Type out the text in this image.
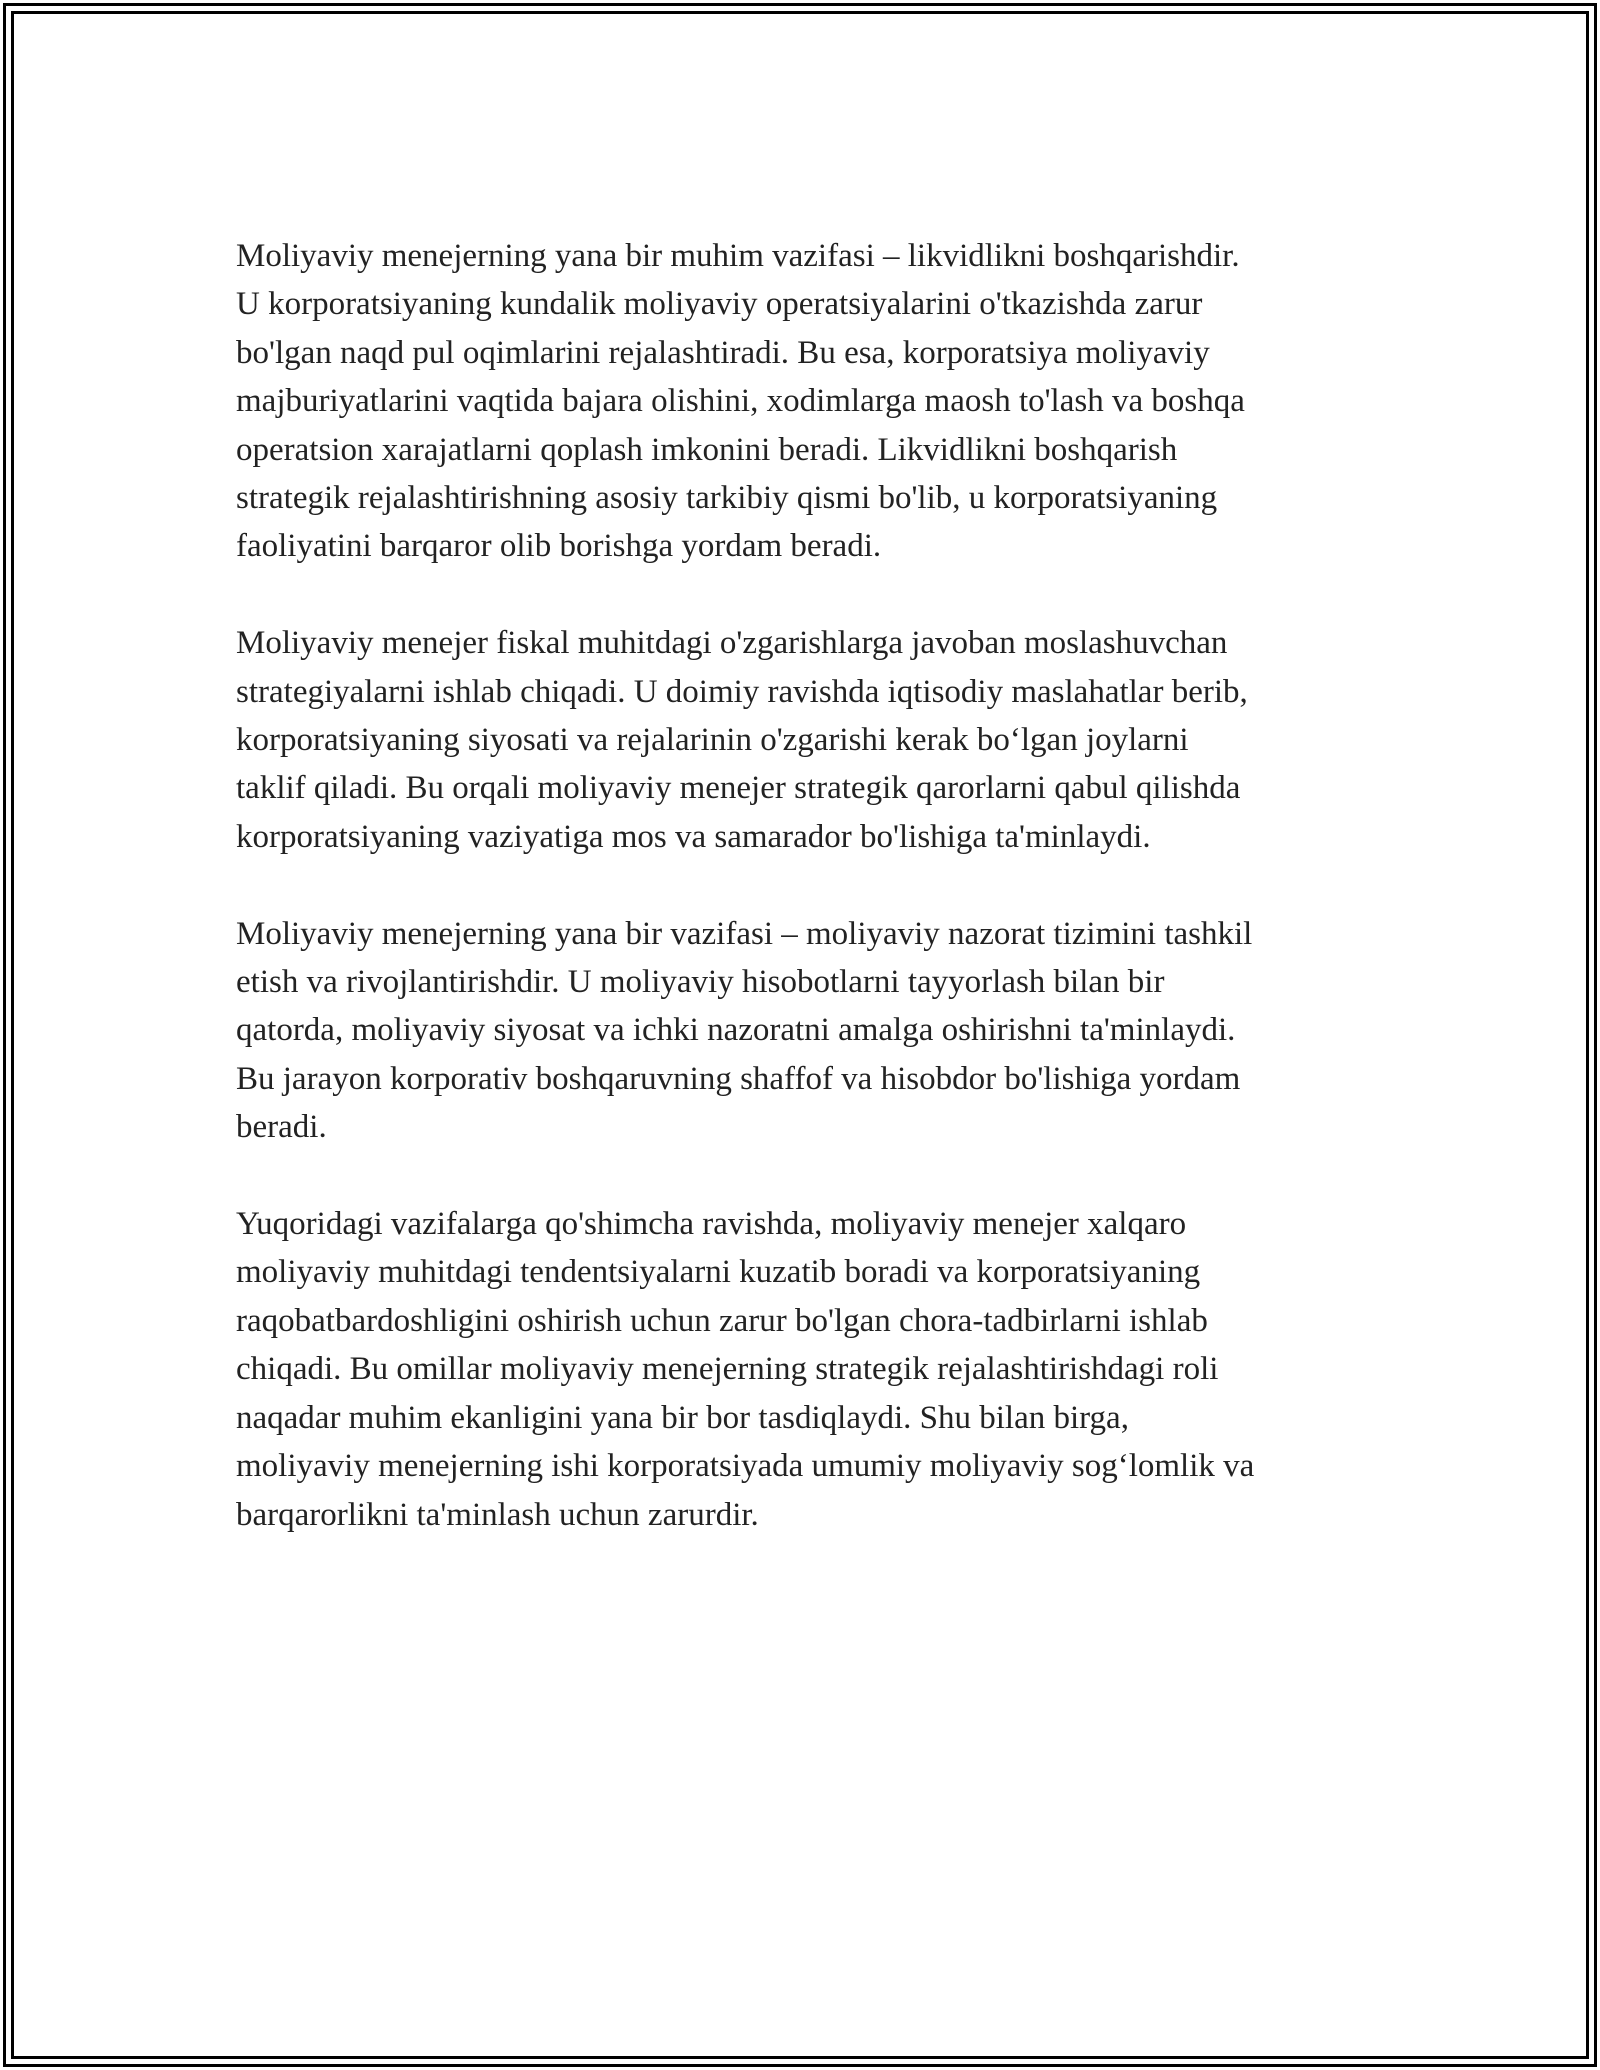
Moliyaviy menejerning yana bir muhim vazifasi – likvidlikni boshqarishdir.
U korporatsiyaning kundalik moliyaviy operatsiyalarini o'tkazishda zarur
bo'lgan naqd pul oqimlarini rejalashtiradi. Bu esa, korporatsiya moliyaviy
majburiyatlarini vaqtida bajara olishini, xodimlarga maosh to'lash va boshqa
operatsion xarajatlarni qoplash imkonini beradi. Likvidlikni boshqarish
strategik rejalashtirishning asosiy tarkibiy qismi bo'lib, u korporatsiyaning
faoliyatini barqaror olib borishga yordam beradi.

Moliyaviy menejer fiskal muhitdagi o'zgarishlarga javoban moslashuvchan
strategiyalarni ishlab chiqadi. U doimiy ravishda iqtisodiy maslahatlar berib,
korporatsiyaning siyosati va rejalarinin o'zgarishi kerak bo‘lgan joylarni
taklif qiladi. Bu orqali moliyaviy menejer strategik qarorlarni qabul qilishda
korporatsiyaning vaziyatiga mos va samarador bo'lishiga ta'minlaydi.

Moliyaviy menejerning yana bir vazifasi – moliyaviy nazorat tizimini tashkil
etish va rivojlantirishdir. U moliyaviy hisobotlarni tayyorlash bilan bir
qatorda, moliyaviy siyosat va ichki nazoratni amalga oshirishni ta'minlaydi.
Bu jarayon korporativ boshqaruvning shaffof va hisobdor bo'lishiga yordam
beradi.

Yuqoridagi vazifalarga qo'shimcha ravishda, moliyaviy menejer xalqaro
moliyaviy muhitdagi tendentsiyalarni kuzatib boradi va korporatsiyaning
raqobatbardoshligini oshirish uchun zarur bo'lgan chora-tadbirlarni ishlab
chiqadi. Bu omillar moliyaviy menejerning strategik rejalashtirishdagi roli
naqadar muhim ekanligini yana bir bor tasdiqlaydi. Shu bilan birga,
moliyaviy menejerning ishi korporatsiyada umumiy moliyaviy sog‘lomlik va
barqarorlikni ta'minlash uchun zarurdir.
